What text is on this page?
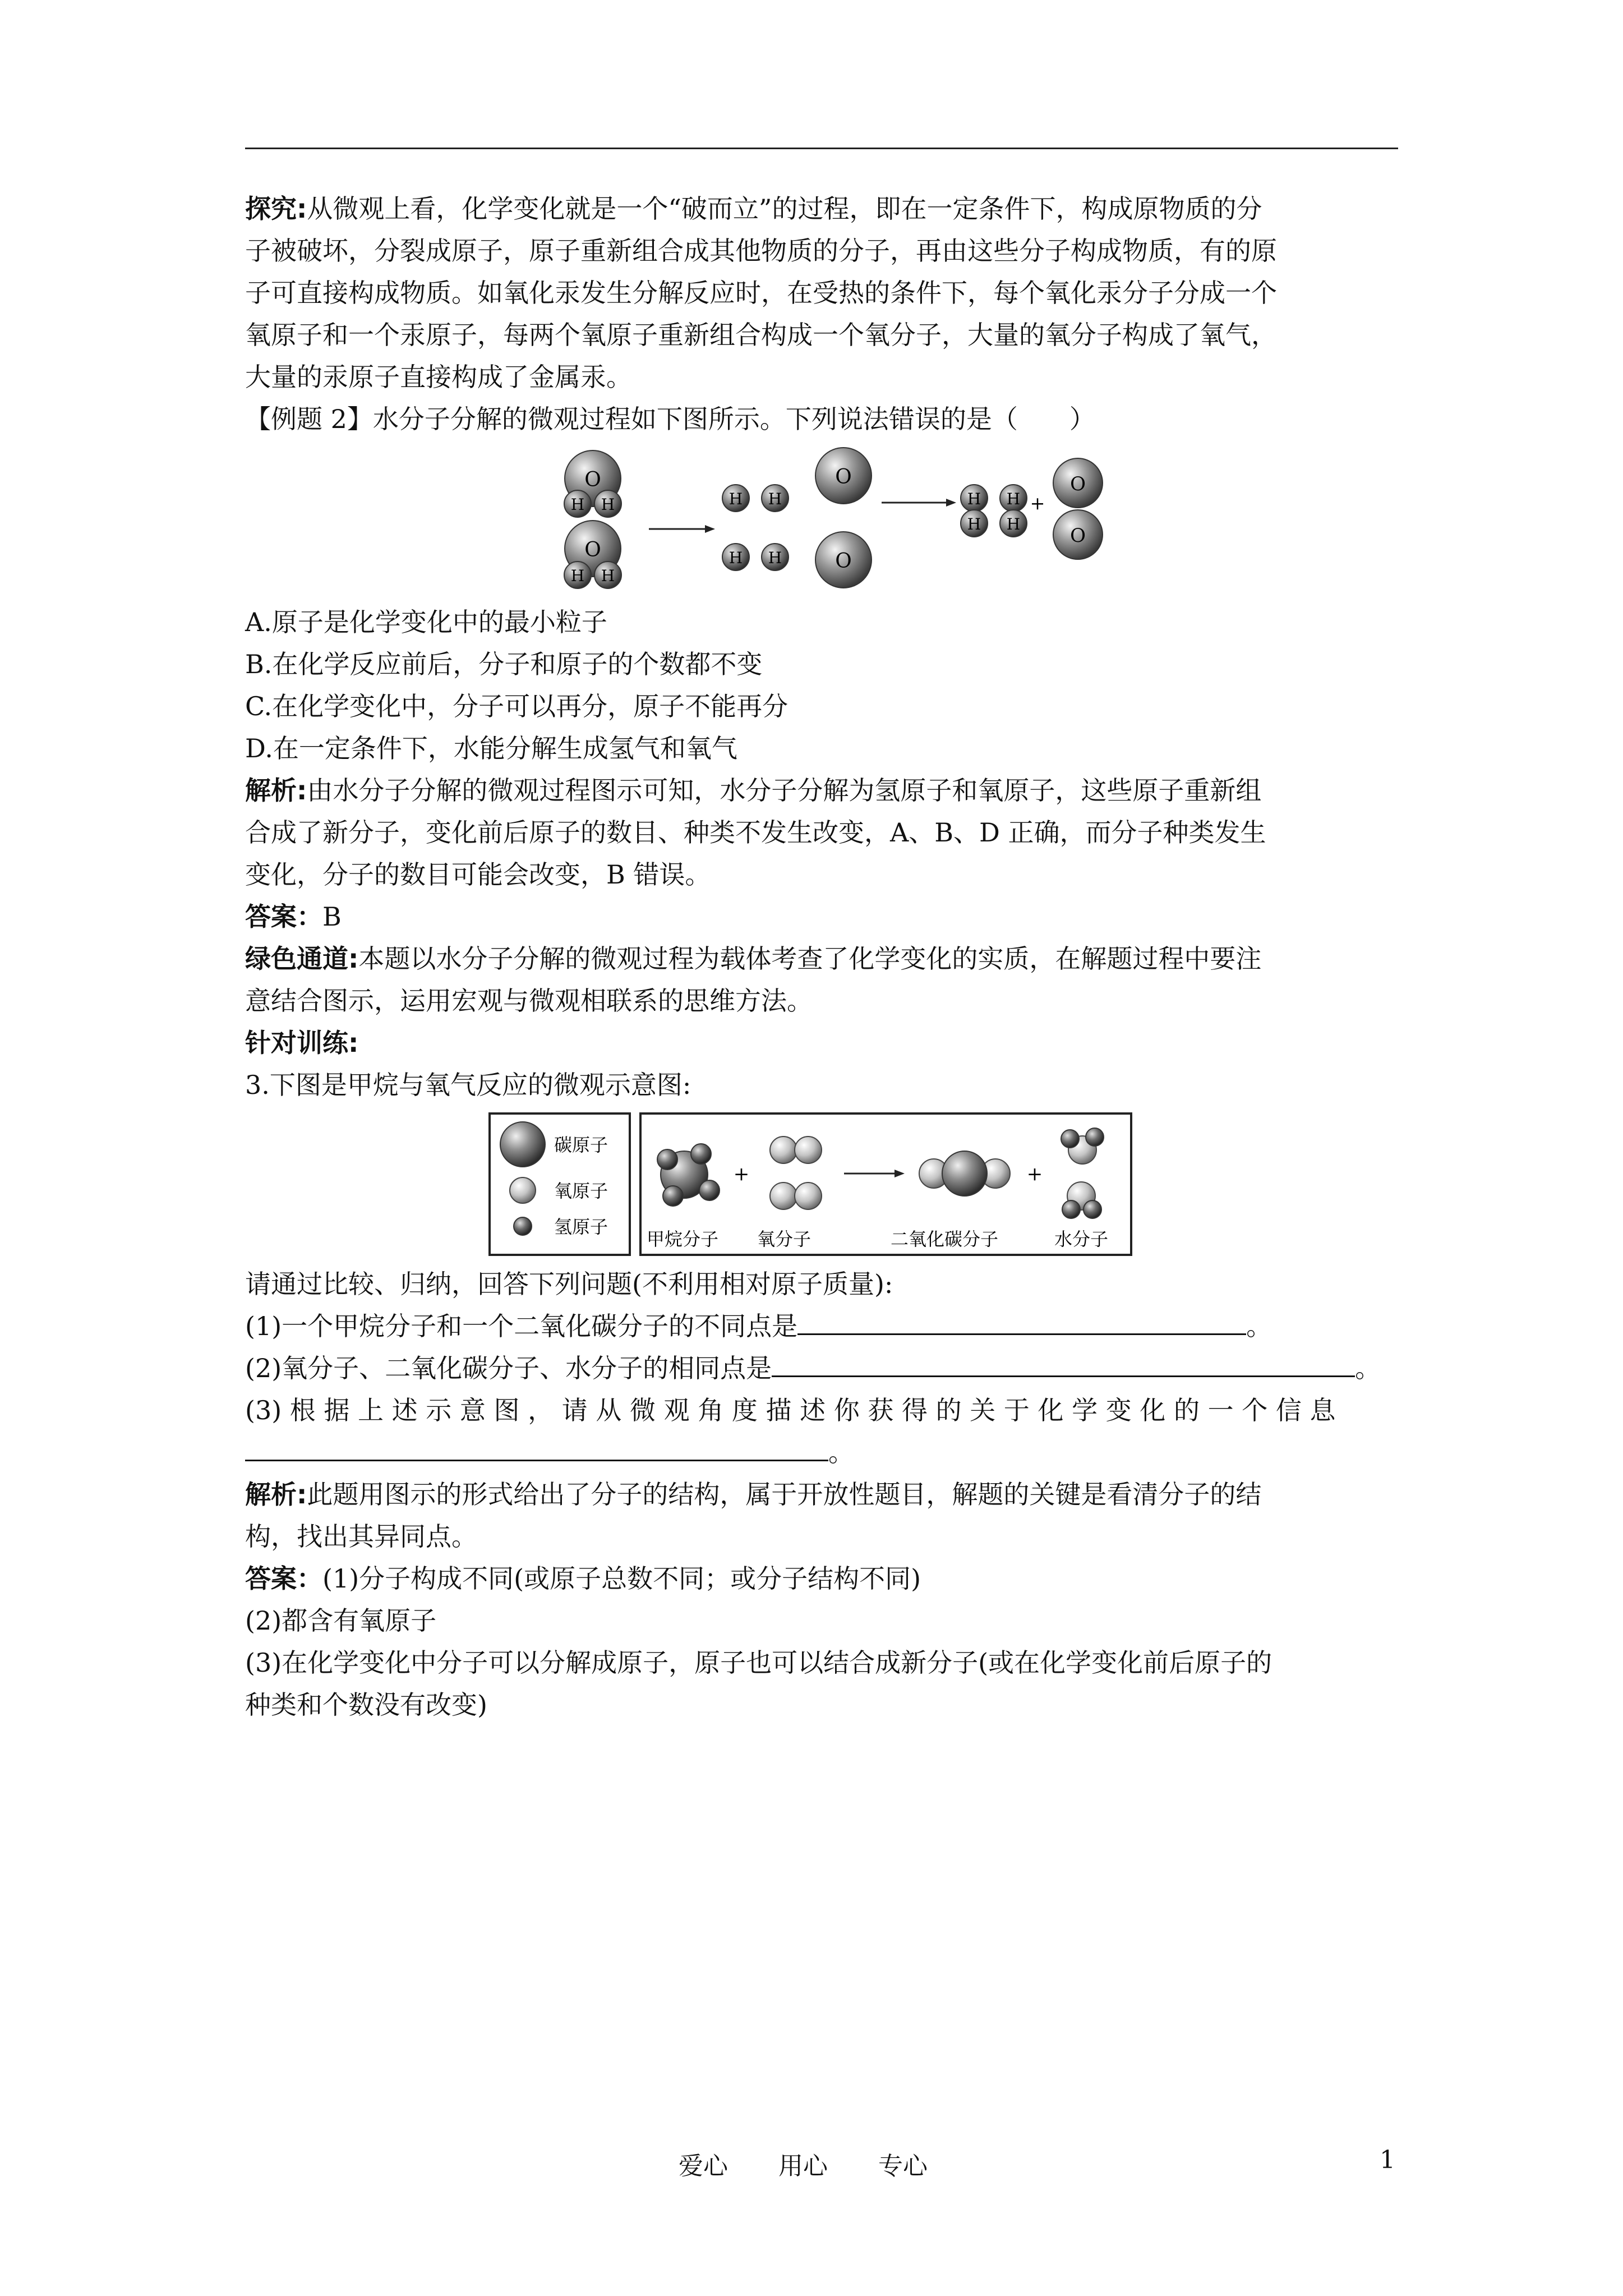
探究:从微观上看，化学变化就是一个“破而立”的过程，即在一定条件下，构成原物质的分

子被破坏，分裂成原子，原子重新组合成其他物质的分子，再由这些分子构成物质，有的原

子可直接构成物质。如氧化汞发生分解反应时，在受热的条件下，每个氧化汞分子分成一个

氧原子和一个汞原子，每两个氧原子重新组合构成一个氧分子，大量的氧分子构成了氧气，

大量的汞原子直接构成了金属汞。

【例题 2】水分子分解的微观过程如下图所示。下列说法错误的是（　　）

O
H H
O
H H
H H
H H
O
O
H
H
H
H
+
O
O

A.原子是化学变化中的最小粒子

B.在化学反应前后，分子和原子的个数都不变

C.在化学变化中，分子可以再分，原子不能再分

D.在一定条件下，水能分解生成氢气和氧气

解析:由水分子分解的微观过程图示可知，水分子分解为氢原子和氧原子，这些原子重新组

合成了新分子，变化前后原子的数目、种类不发生改变，A、B、D 正确，而分子种类发生

变化，分子的数目可能会改变，B 错误。

答案：B

绿色通道:本题以水分子分解的微观过程为载体考查了化学变化的实质，在解题过程中要注

意结合图示，运用宏观与微观相联系的思维方法。

针对训练:

3.下图是甲烷与氧气反应的微观示意图:

碳原子
氧原子
氢原子
+	+
甲烷分子 氧分子	二氧化碳分子	水分子

请通过比较、归纳，回答下列问题(不利用相对原子质量):

(1)一个甲烷分子和一个二氧化碳分子的不同点是	。

(2)氧分子、二氧化碳分子、水分子的相同点是	。

(3) 根 据 上 述 示 意 图 ， 请 从 微 观 角 度 描 述 你 获 得 的 关 于 化 学 变 化 的 一 个 信 息

。

解析:此题用图示的形式给出了分子的结构，属于开放性题目，解题的关键是看清分子的结

构，找出其异同点。

答案：(1)分子构成不同(或原子总数不同；或分子结构不同)

(2)都含有氧原子

(3)在化学变化中分子可以分解成原子，原子也可以结合成新分子(或在化学变化前后原子的

种类和个数没有改变)

爱心 用心 专心	1
